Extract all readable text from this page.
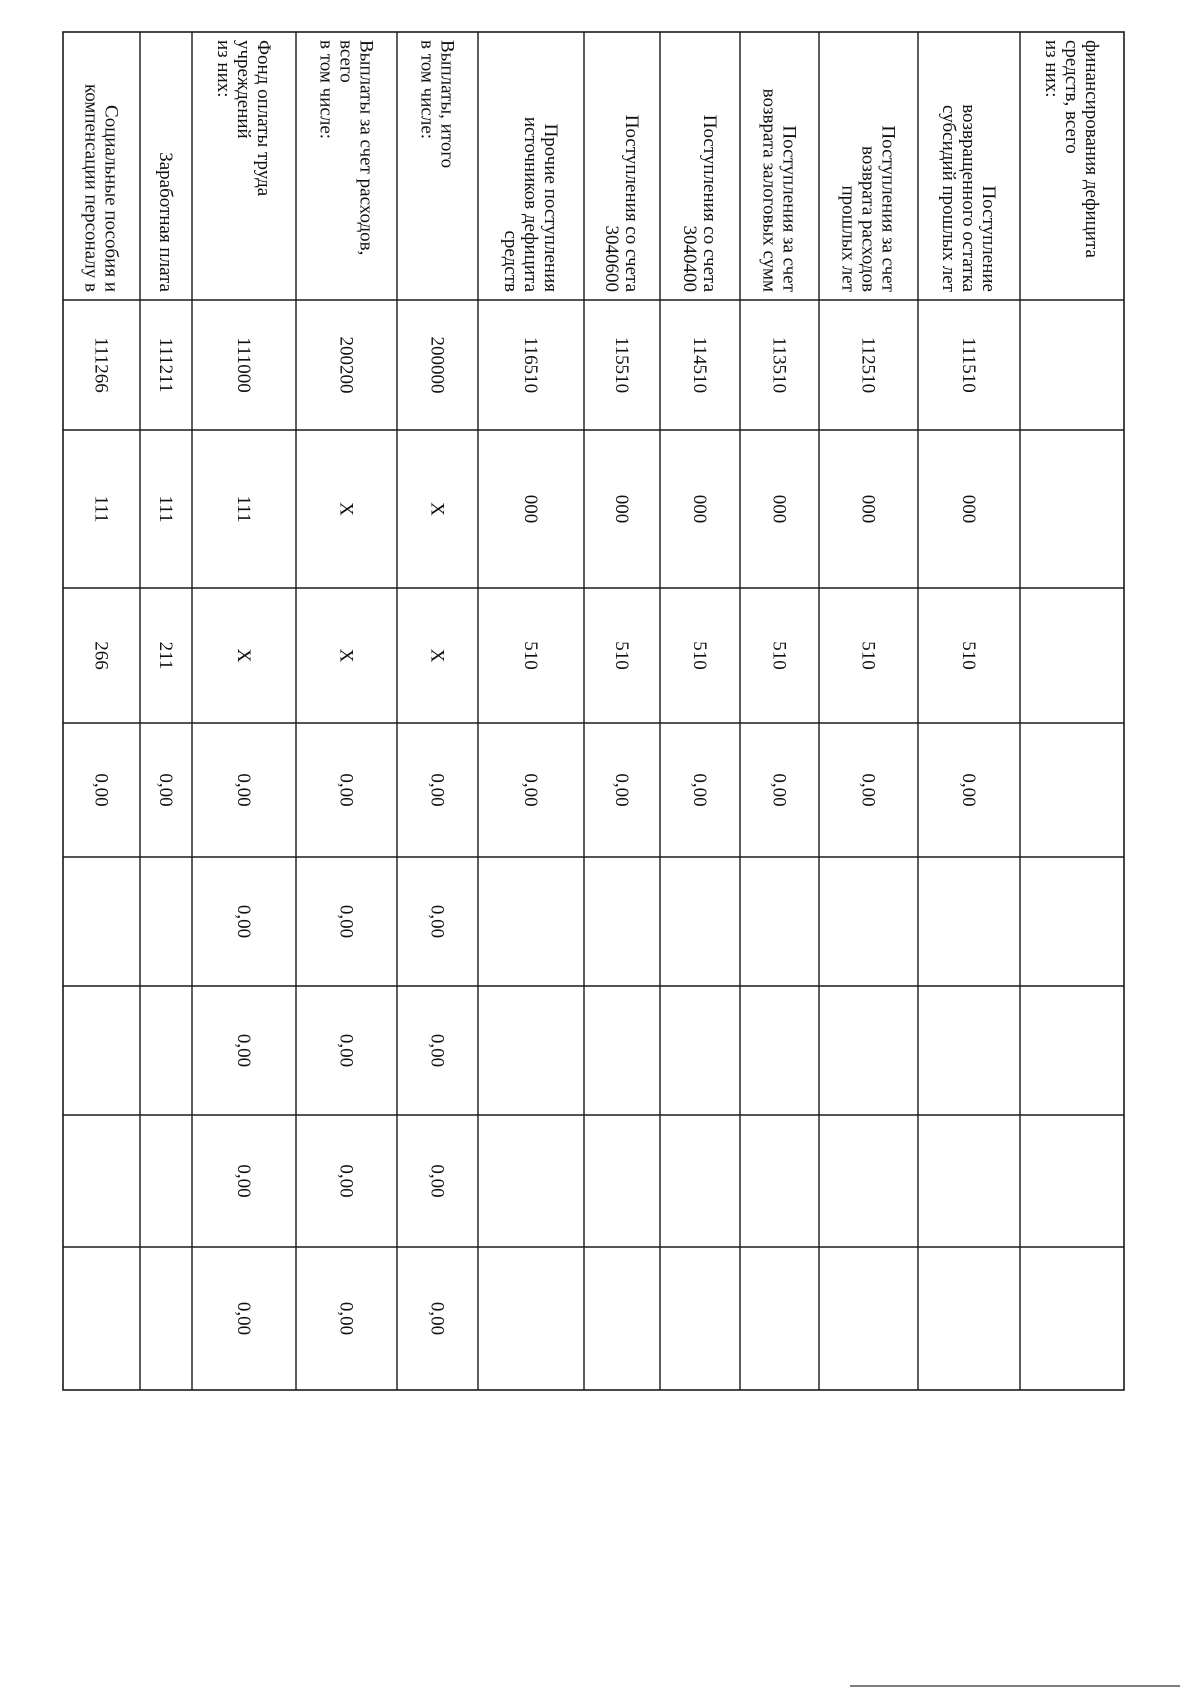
финансирования дефицита
средств, всего
из них:
Поступление
возвращенного остатка
субсидий прошлых лет
111510
000
510
0,00
Поступления за счет
возврата расходов
прошлых лет
112510
000
510
0,00
Поступления за счет
возврата залоговых сумм
113510
000
510
0,00
Поступления со счета
3040400
114510
000
510
0,00
Поступления со счета
3040600
115510
000
510
0,00
Прочие поступления
источников дефицита
средств
116510
000
510
0,00
Выплаты, итого
в том числе:
200000
X
X
0,00
0,00
0,00
0,00
0,00
Выплаты за счет расходов,
всего
в том числе:
200200
X
X
0,00
0,00
0,00
0,00
0,00
Фонд оплаты труда
учреждений
из них:
111000
111
X
0,00
0,00
0,00
0,00
0,00
Заработная плата
111211
111
211
0,00
Социальные пособия и
компенсации персоналу в
111266
111
266
0,00
